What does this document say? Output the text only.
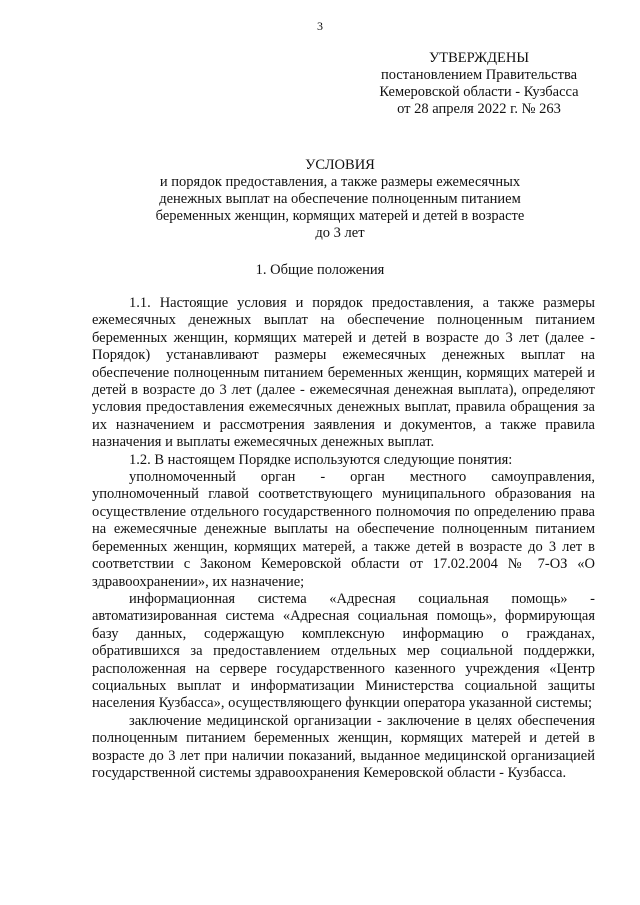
3
УТВЕРЖДЕНЫ
постановлением Правительства
Кемеровской области - Кузбасса
от 28 апреля 2022 г. № 263
УСЛОВИЯ
и порядок предоставления, а также размеры ежемесячных
денежных выплат на обеспечение полноценным питанием
беременных женщин, кормящих матерей и детей в возрасте
до 3 лет
1. Общие положения

1.1. Настоящие условия и порядок предоставления, а также размеры ежемесячных денежных выплат на обеспечение полноценным питанием беременных женщин, кормящих матерей и детей в возрасте до 3 лет (далее - Порядок) устанавливают размеры ежемесячных денежных выплат на обеспечение полноценным питанием беременных женщин, кормящих матерей и детей в возрасте до 3 лет (далее - ежемесячная денежная выплата), определяют условия предоставления ежемесячных денежных выплат, правила обращения за их назначением и рассмотрения заявления и документов, а также правила назначения и выплаты ежемесячных денежных выплат.

1.2. В настоящем Порядке используются следующие понятия:

уполномоченный орган - орган местного самоуправления, уполномоченный главой соответствующего муниципального образования на осуществление отдельного государственного полномочия по определению права на ежемесячные денежные выплаты на обеспечение полноценным питанием беременных женщин, кормящих матерей, а также детей в возрасте до 3 лет в соответствии с Законом Кемеровской области от 17.02.2004 № 7-ОЗ «О здравоохранении», их назначение;

информационная система «Адресная социальная помощь» - автоматизированная система «Адресная социальная помощь», формирующая базу данных, содержащую комплексную информацию о гражданах, обратившихся за предоставлением отдельных мер социальной поддержки, расположенная на сервере государственного казенного учреждения «Центр социальных выплат и информатизации Министерства социальной защиты населения Кузбасса», осуществляющего функции оператора указанной системы;

заключение медицинской организации - заключение в целях обеспечения полноценным питанием беременных женщин, кормящих матерей и детей в возрасте до 3 лет при наличии показаний, выданное медицинской организацией государственной системы здравоохранения Кемеровской области - Кузбасса.
